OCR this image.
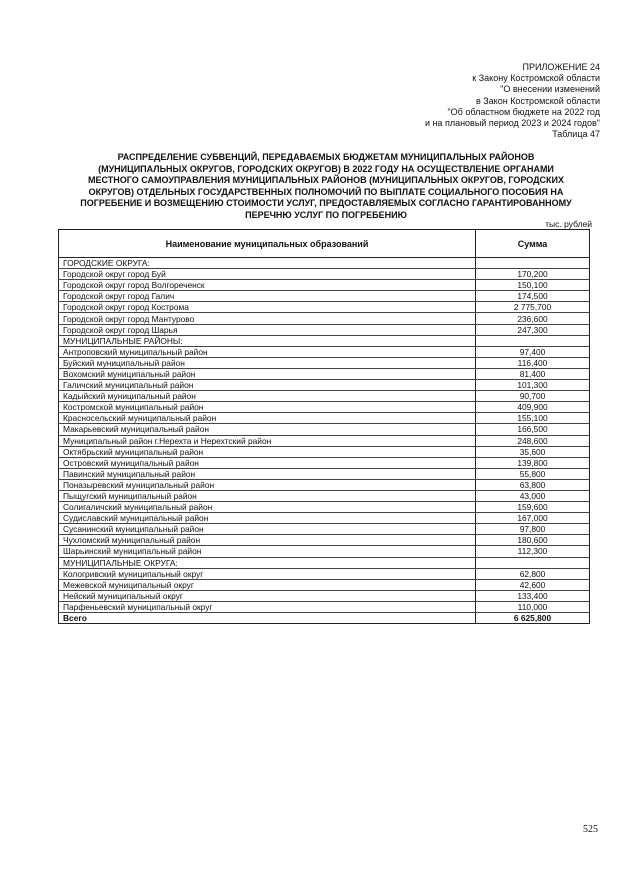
ПРИЛОЖЕНИЕ 24
к Закону Костромской области
"О внесении изменений
в Закон Костромской области
"Об областном бюджете на 2022 год
и на плановый период 2023 и 2024 годов"
Таблица 47
РАСПРЕДЕЛЕНИЕ СУБВЕНЦИЙ, ПЕРЕДАВАЕМЫХ БЮДЖЕТАМ МУНИЦИПАЛЬНЫХ РАЙОНОВ
(МУНИЦИПАЛЬНЫХ ОКРУГОВ, ГОРОДСКИХ ОКРУГОВ) В 2022 ГОДУ НА ОСУЩЕСТВЛЕНИЕ ОРГАНАМИ
МЕСТНОГО САМОУПРАВЛЕНИЯ МУНИЦИПАЛЬНЫХ РАЙОНОВ (МУНИЦИПАЛЬНЫХ ОКРУГОВ, ГОРОДСКИХ
ОКРУГОВ) ОТДЕЛЬНЫХ ГОСУДАРСТВЕННЫХ ПОЛНОМОЧИЙ ПО ВЫПЛАТЕ СОЦИАЛЬНОГО ПОСОБИЯ НА
ПОГРЕБЕНИЕ И ВОЗМЕЩЕНИЮ СТОИМОСТИ УСЛУГ, ПРЕДОСТАВЛЯЕМЫХ СОГЛАСНО ГАРАНТИРОВАННОМУ
ПЕРЕЧНЮ УСЛУГ ПО ПОГРЕБЕНИЮ
тыс. рублей
Наименование муниципальных образований	Сумма
ГОРОДСКИЕ ОКРУГА:	
Городской округ город Буй	170,200
Городской округ город Волгореченск	150,100
Городской округ город Галич	174,500
Городской округ город Кострома	2 775,700
Городской округ город Мантурово	236,600
Городской округ город Шарья	247,300
МУНИЦИПАЛЬНЫЕ РАЙОНЫ:	
Антроповский муниципальный район	97,400
Буйский муниципальный район	116,400
Вохомский муниципальный район	81,400
Галичский муниципальный район	101,300
Кадыйский муниципальный район	90,700
Костромской муниципальный район	409,900
Красносельский муниципальный район	155,100
Макарьевский муниципальный район	166,500
Муниципальный район г.Нерехта и Нерехтский район	248,600
Октябрьский муниципальный район	35,600
Островский муниципальный район	139,800
Павинский муниципальный район	55,800
Поназыревский муниципальный район	63,800
Пыщугский муниципальный район	43,000
Солигаличский муниципальный район	159,600
Судиславский муниципальный район	167,000
Сусанинский муниципальный район	97,800
Чухломский муниципальный район	180,600
Шарьинский муниципальный район	112,300
МУНИЦИПАЛЬНЫЕ ОКРУГА:	
Кологривский муниципальный округ	62,800
Межевской муниципальный округ	42,600
Нейский муниципальный округ	133,400
Парфеньевский муниципальный округ	110,000
Всего	6 625,800
525
